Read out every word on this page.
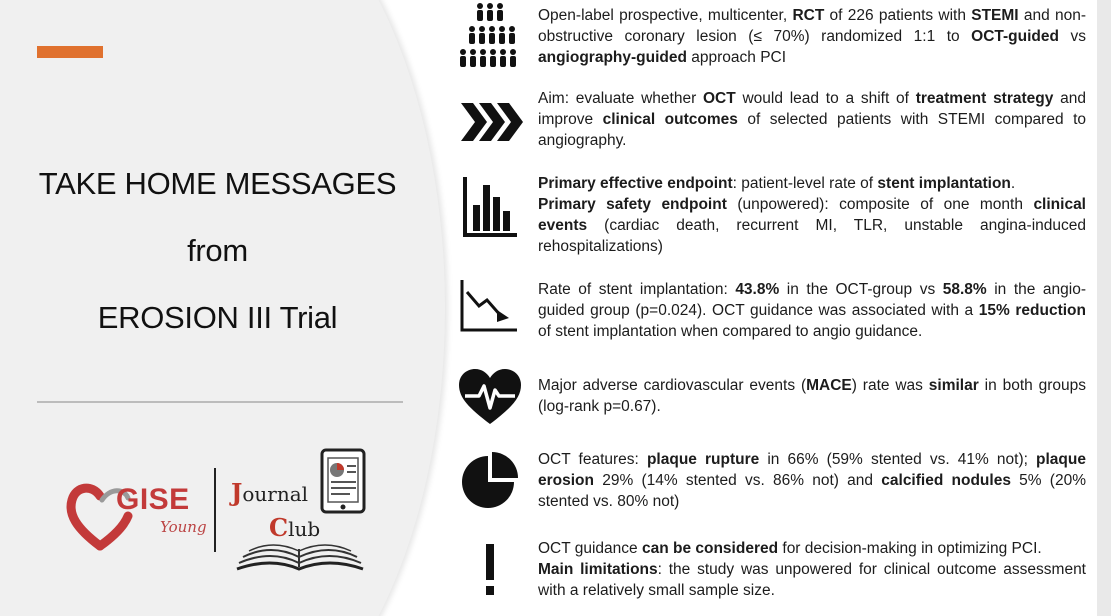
TAKE HOME MESSAGES
from
EROSION III Trial
GISE
Young
Journal
Club
Open-label prospective, multicenter, RCT of 226 patients with STEMI and non-obstructive coronary lesion (≤ 70%) randomized 1:1 to OCT-guided vs angiography-guided approach PCI
Aim: evaluate whether OCT would lead to a shift of treatment strategy and improve clinical outcomes of selected patients with STEMI compared to angiography.
Primary effective endpoint: patient-level rate of stent implantation.
Primary safety endpoint (unpowered): composite of one month clinical events (cardiac death, recurrent MI, TLR, unstable angina-induced rehospitalizations)
Rate of stent implantation: 43.8% in the OCT-group vs 58.8% in the angio-guided group (p=0.024). OCT guidance was associated with a 15% reduction of stent implantation when compared to angio guidance.
Major adverse cardiovascular events (MACE) rate was similar in both groups (log-rank p=0.67).
OCT features: plaque rupture in 66% (59% stented vs. 41% not); plaque erosion 29% (14% stented vs. 86% not) and calcified nodules 5% (20% stented vs. 80% not)
OCT guidance can be considered for decision-making in optimizing PCI.
Main limitations: the study was unpowered for clinical outcome assessment with a relatively small sample size.
